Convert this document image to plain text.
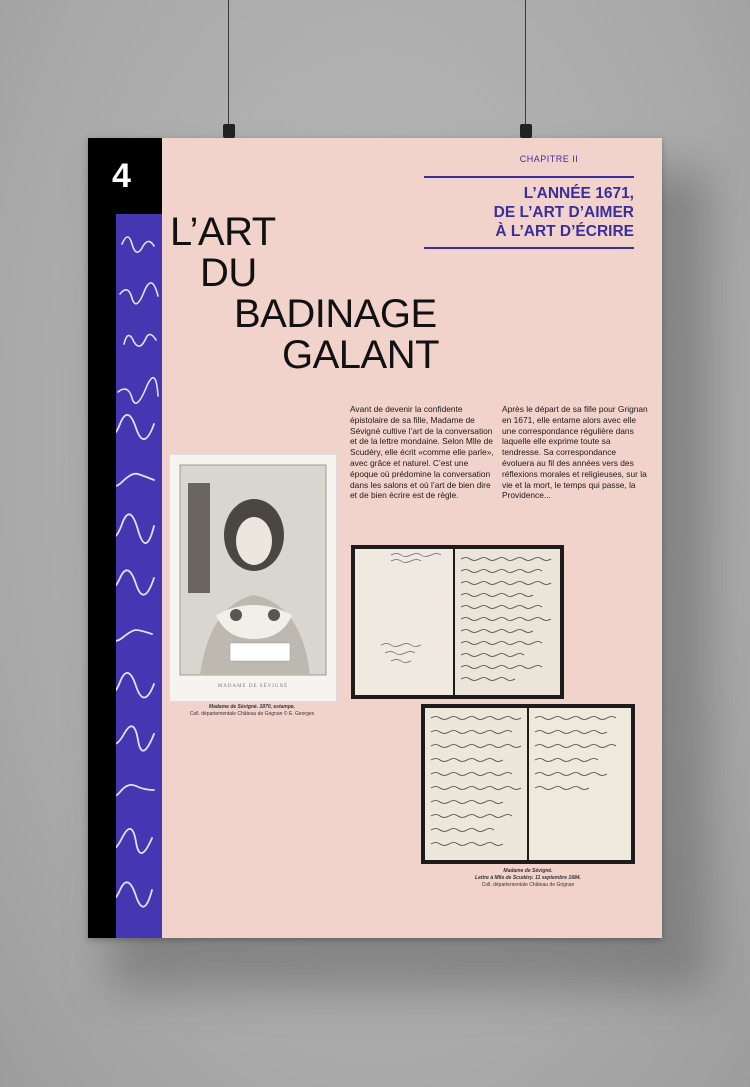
4	CHAPITRE II
L’ANNÉE 1671,
DE L’ART D’AIMER
À L’ART D’ÉCRIRE
L’ART
DU
BADINAGE
GALANT
Avant de devenir la confidente épistolaire de sa fille, Madame de Sévigné cultive l’art de la conversation et de la lettre mondaine. Selon Mlle de Scudéry, elle écrit «comme elle parle», avec grâce et naturel. C’est une époque où prédomine la conversation dans les salons et où l’art de bien dire et de bien écrire est de règle.
Après le départ de sa fille pour Grignan en 1671, elle entame alors avec elle une correspondance régulière dans laquelle elle exprime toute sa tendresse. Sa correspondance évoluera au fil des années vers des réflexions morales et religieuses, sur la vie et la mort, le temps qui passe, la Providence...
MADAME DE SÉVIGNÉ
Madame de Sévigné. 1870, estampe.
Coll. départementale Château de Grignan © E. Georges
Madame de Sévigné.
Lettre à Mlle de Scudéry. 11 septembre 1684.
Coll. départementale Château de Grignan
